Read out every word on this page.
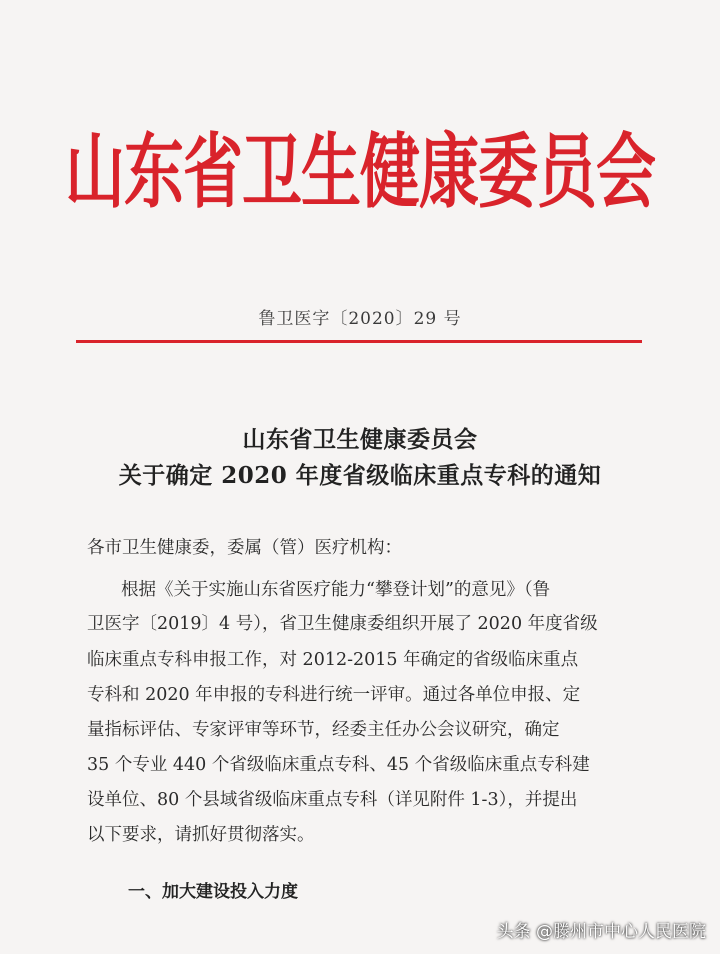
山东省卫生健康委员会
鲁卫医字〔2020〕29 号
山东省卫生健康委员会
关于确定 2020 年度省级临床重点专科的通知
各市卫生健康委，委属（管）医疗机构：
根据《关于实施山东省医疗能力“攀登计划”的意见》（鲁
卫医字〔2019〕4 号），省卫生健康委组织开展了 2020 年度省级
临床重点专科申报工作，对 2012-2015 年确定的省级临床重点
专科和 2020 年申报的专科进行统一评审。通过各单位申报、定
量指标评估、专家评审等环节，经委主任办公会议研究，确定
35 个专业 440 个省级临床重点专科、45 个省级临床重点专科建
设单位、80 个县域省级临床重点专科（详见附件 1-3），并提出
以下要求，请抓好贯彻落实。
一、加大建设投入力度
头条 @滕州市中心人民医院
